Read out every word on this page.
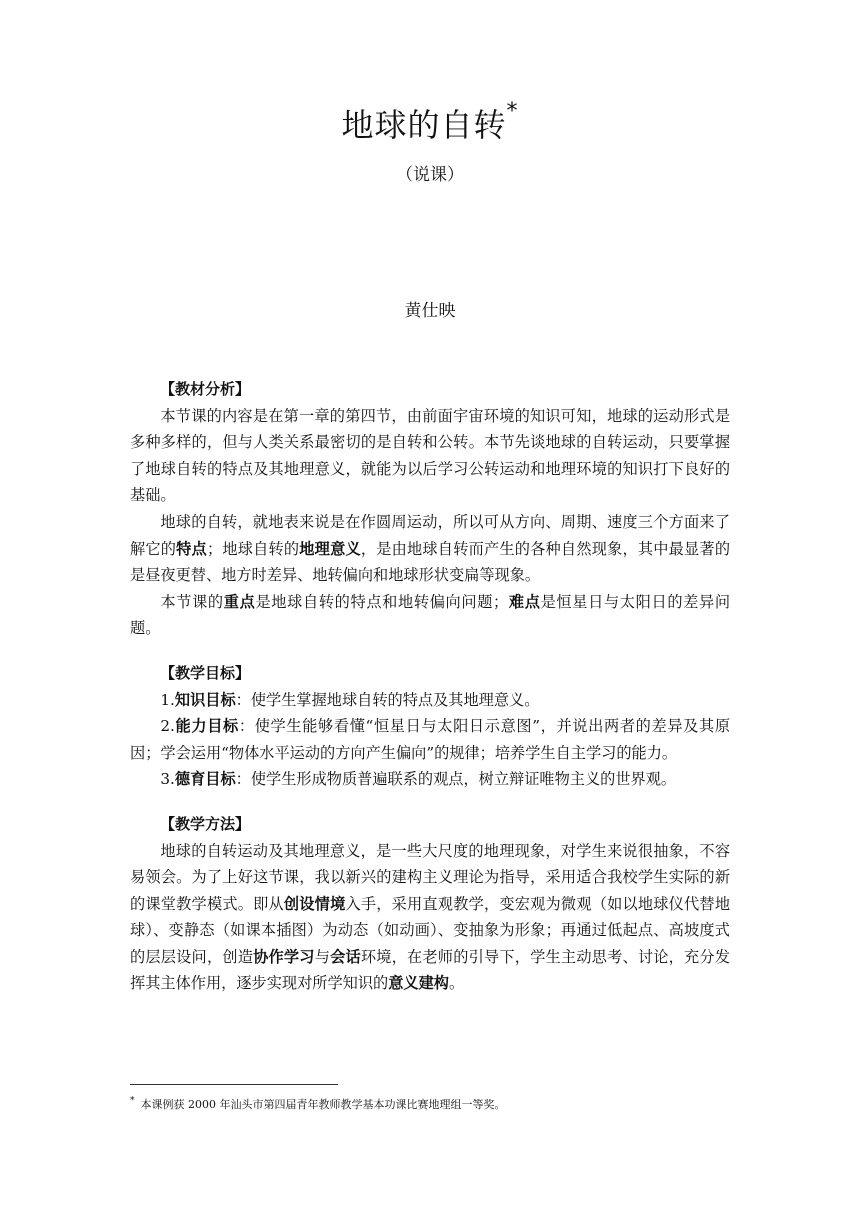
地球的自转*
（说课）
黄仕映
【教材分析】

本节课的内容是在第一章的第四节，由前面宇宙环境的知识可知，地球的运动形式是多种多样的，但与人类关系最密切的是自转和公转。本节先谈地球的自转运动，只要掌握了地球自转的特点及其地理意义，就能为以后学习公转运动和地理环境的知识打下良好的基础。

地球的自转，就地表来说是在作圆周运动，所以可从方向、周期、速度三个方面来了解它的特点；地球自转的地理意义，是由地球自转而产生的各种自然现象，其中最显著的是昼夜更替、地方时差异、地转偏向和地球形状变扁等现象。

本节课的重点是地球自转的特点和地转偏向问题；难点是恒星日与太阳日的差异问题。

【教学目标】

1.知识目标：使学生掌握地球自转的特点及其地理意义。

2.能力目标：使学生能够看懂“恒星日与太阳日示意图”，并说出两者的差异及其原因；学会运用“物体水平运动的方向产生偏向”的规律；培养学生自主学习的能力。

3.德育目标：使学生形成物质普遍联系的观点，树立辩证唯物主义的世界观。

【教学方法】

地球的自转运动及其地理意义，是一些大尺度的地理现象，对学生来说很抽象，不容易领会。为了上好这节课，我以新兴的建构主义理论为指导，采用适合我校学生实际的新的课堂教学模式。即从创设情境入手，采用直观教学，变宏观为微观（如以地球仪代替地球）、变静态（如课本插图）为动态（如动画）、变抽象为形象；再通过低起点、高坡度式的层层设问，创造协作学习与会话环境，在老师的引导下，学生主动思考、讨论，充分发挥其主体作用，逐步实现对所学知识的意义建构。

* 本课例获 2000 年汕头市第四届青年教师教学基本功课比赛地理组一等奖。
